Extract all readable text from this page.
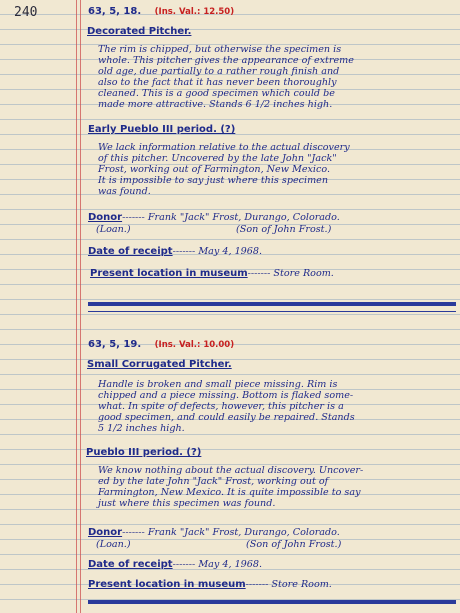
240	63, 5, 18. (Ins. Val.: 12.50)
Decorated Pitcher.
The rim is chipped, but otherwise the specimen is
whole. This pitcher gives the appearance of extreme
old age, due partially to a rather rough finish and
also to the fact that it has never been thoroughly
cleaned. This is a good specimen which could be
made more attractive. Stands 6 1/2 inches high.
Early Pueblo III period. (?)
We lack information relative to the actual discovery
of this pitcher. Uncovered by the late John "Jack"
Frost, working out of Farmington, New Mexico.
It is impossible to say just where this specimen
was found.
Donor------- Frank "Jack" Frost, Durango, Colorado.
(Loan.)	(Son of John Frost.)
Date of receipt------- May 4, 1968.
Present location in museum------- Store Room.
63, 5, 19. (Ins. Val.: 10.00)
Small Corrugated Pitcher.
Handle is broken and small piece missing. Rim is
chipped and a piece missing. Bottom is flaked some-
what. In spite of defects, however, this pitcher is a
good specimen, and could easily be repaired. Stands
5 1/2 inches high.
Pueblo III period. (?)
We know nothing about the actual discovery. Uncover-
ed by the late John "Jack" Frost, working out of
Farmington, New Mexico. It is quite impossible to say
just where this specimen was found.
Donor------- Frank "Jack" Frost, Durango, Colorado.
(Loan.)	(Son of John Frost.)
Date of receipt------- May 4, 1968.
Present location in museum------- Store Room.
